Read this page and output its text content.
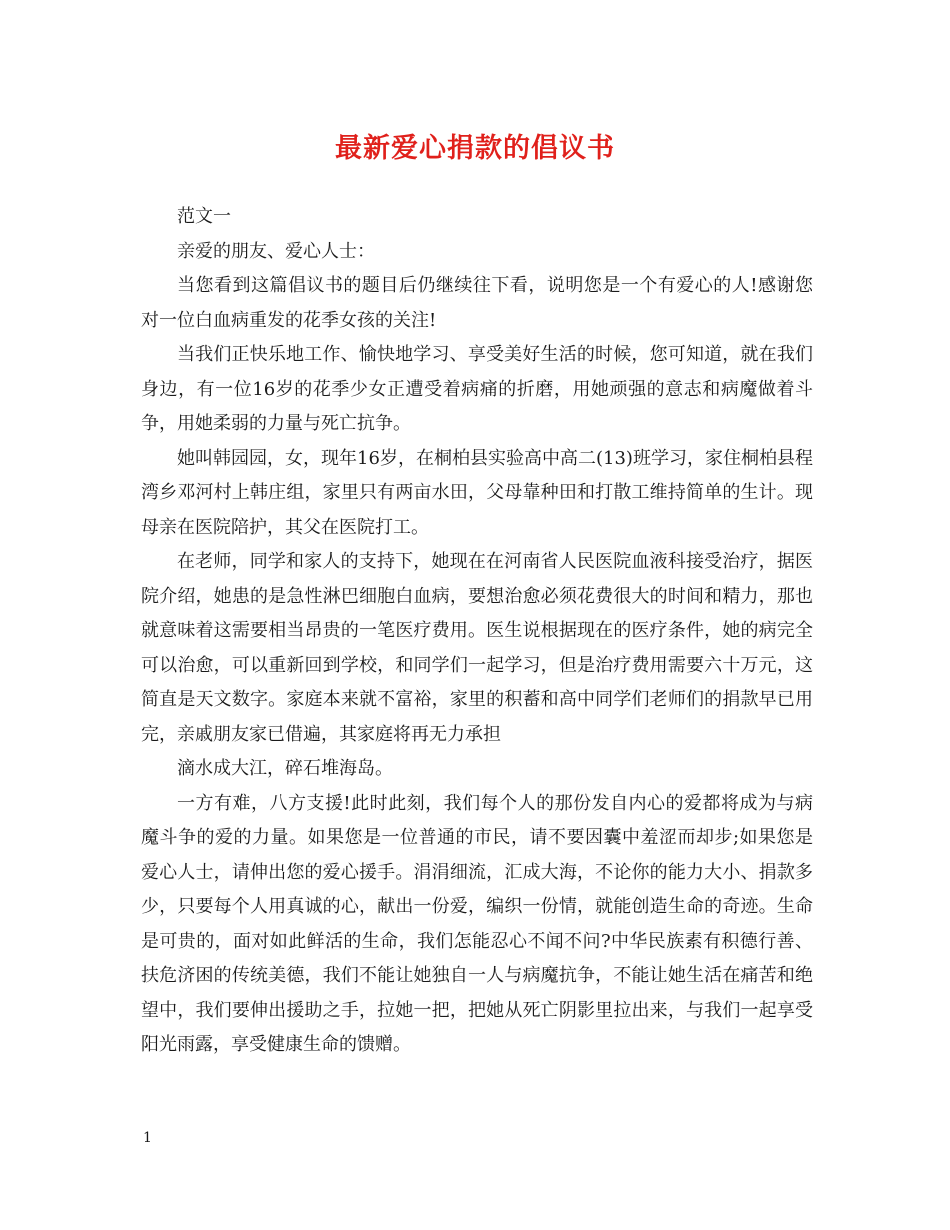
最新爱心捐款的倡议书

范文一

亲爱的朋友、爱心人士：

当您看到这篇倡议书的题目后仍继续往下看，说明您是一个有爱心的人!感谢您对一位白血病重发的花季女孩的关注!

当我们正快乐地工作、愉快地学习、享受美好生活的时候，您可知道，就在我们身边，有一位16岁的花季少女正遭受着病痛的折磨，用她顽强的意志和病魔做着斗争，用她柔弱的力量与死亡抗争。

她叫韩园园，女，现年16岁，在桐柏县实验高中高二(13)班学习，家住桐柏县程湾乡邓河村上韩庄组，家里只有两亩水田，父母靠种田和打散工维持简单的生计。现母亲在医院陪护，其父在医院打工。

在老师，同学和家人的支持下，她现在在河南省人民医院血液科接受治疗，据医院介绍，她患的是急性淋巴细胞白血病，要想治愈必须花费很大的时间和精力，那也就意味着这需要相当昂贵的一笔医疗费用。医生说根据现在的医疗条件，她的病完全可以治愈，可以重新回到学校，和同学们一起学习，但是治疗费用需要六十万元，这简直是天文数字。家庭本来就不富裕，家里的积蓄和高中同学们老师们的捐款早已用完，亲戚朋友家已借遍，其家庭将再无力承担

滴水成大江，碎石堆海岛。

一方有难，八方支援!此时此刻，我们每个人的那份发自内心的爱都将成为与病魔斗争的爱的力量。如果您是一位普通的市民，请不要因囊中羞涩而却步;如果您是爱心人士，请伸出您的爱心援手。涓涓细流，汇成大海，不论你的能力大小、捐款多少，只要每个人用真诚的心，献出一份爱，编织一份情，就能创造生命的奇迹。生命是可贵的，面对如此鲜活的生命，我们怎能忍心不闻不问?中华民族素有积德行善、扶危济困的传统美德，我们不能让她独自一人与病魔抗争，不能让她生活在痛苦和绝望中，我们要伸出援助之手，拉她一把，把她从死亡阴影里拉出来，与我们一起享受阳光雨露，享受健康生命的馈赠。

1
